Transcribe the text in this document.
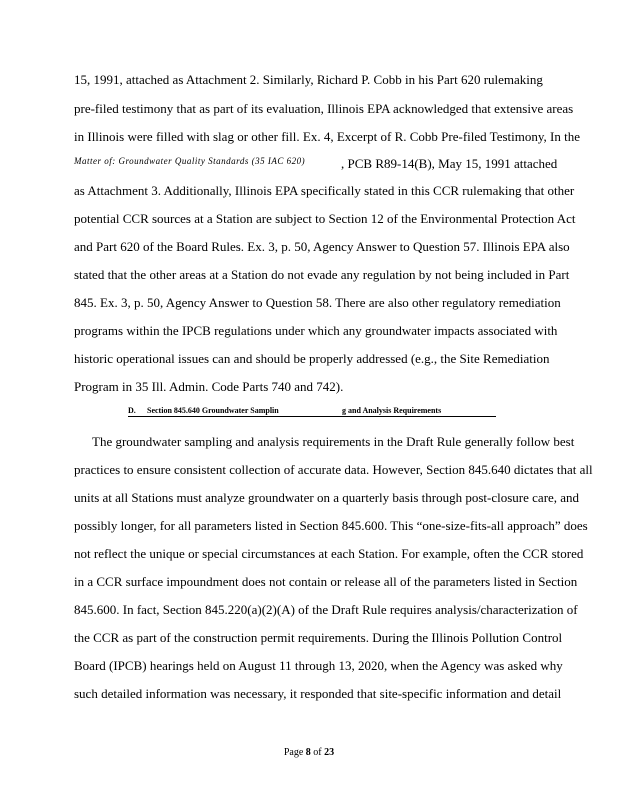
15, 1991, attached as Attachment 2. Similarly, Richard P. Cobb in his Part 620 rulemaking
pre-filed testimony that as part of its evaluation, Illinois EPA acknowledged that extensive areas
in Illinois were filled with slag or other fill. Ex. 4, Excerpt of R. Cobb Pre-filed Testimony, In the
Matter of: Groundwater Quality Standards (35 IAC 620)	, PCB R89-14(B), May 15, 1991 attached
as Attachment 3. Additionally, Illinois EPA specifically stated in this CCR rulemaking that other
potential CCR sources at a Station are subject to Section 12 of the Environmental Protection Act
and Part 620 of the Board Rules. Ex. 3, p. 50, Agency Answer to Question 57. Illinois EPA also
stated that the other areas at a Station do not evade any regulation by not being included in Part
845. Ex. 3, p. 50, Agency Answer to Question 58. There are also other regulatory remediation
programs within the IPCB regulations under which any groundwater impacts associated with
historic operational issues can and should be properly addressed (e.g., the Site Remediation
Program in 35 Ill. Admin. Code Parts 740 and 742).
D. Section 845.640 Groundwater Samplin	g and Analysis Requirements
The groundwater sampling and analysis requirements in the Draft Rule generally follow best
practices to ensure consistent collection of accurate data. However, Section 845.640 dictates that all
units at all Stations must analyze groundwater on a quarterly basis through post-closure care, and
possibly longer, for all parameters listed in Section 845.600. This “one-size-fits-all approach” does
not reflect the unique or special circumstances at each Station. For example, often the CCR stored
in a CCR surface impoundment does not contain or release all of the parameters listed in Section
845.600. In fact, Section 845.220(a)(2)(A) of the Draft Rule requires analysis/characterization of
the CCR as part of the construction permit requirements. During the Illinois Pollution Control
Board (IPCB) hearings held on August 11 through 13, 2020, when the Agency was asked why
such detailed information was necessary, it responded that site-specific information and detail
Page 8 of 23
